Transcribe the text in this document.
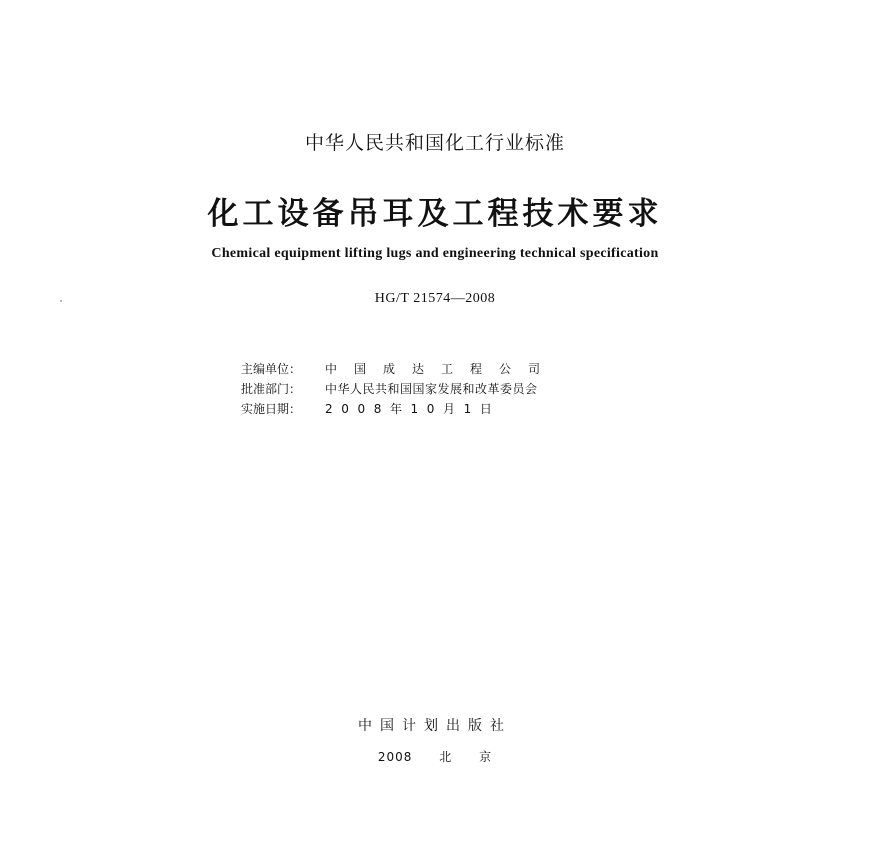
中华人民共和国化工行业标准
化工设备吊耳及工程技术要求
Chemical equipment lifting lugs and engineering technical specification
HG/T 21574—2008
主编单位： 中国成达工程公司
批准部门： 中华人民共和国国家发展和改革委员会
实施日期： 2008年10月1日
中国计划出版社
2008 北 京
